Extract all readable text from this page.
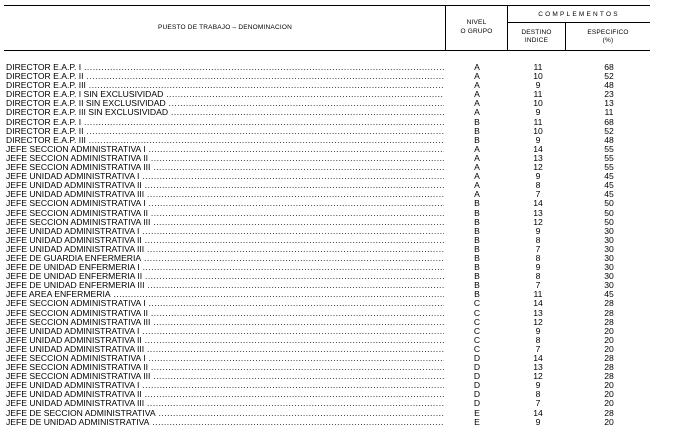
PUESTO DE TRABAJO – DENOMINACION
NIVEL
O GRUPO
COMPLEMENTOS
DESTINO
INDICE
ESPECIFICO
(%)
DIRECTOR E.A.P. I .....	A	11	68
DIRECTOR E.A.P. II .....	A	10	52
DIRECTOR E.A.P. III .....	A	9	48
DIRECTOR E.A.P. I SIN EXCLUSIVIDAD .....	A	11	23
DIRECTOR E.A.P. II SIN EXCLUSIVIDAD .....	A	10	13
DIRECTOR E.A.P. III SIN EXCLUSIVIDAD .....	A	9	11
DIRECTOR E.A.P. I .....	B	11	68
DIRECTOR E.A.P. II .....	B	10	52
DIRECTOR E.A.P. III .....	B	9	48
JEFE SECCION ADMINISTRATIVA I .....	A	14	55
JEFE SECCION ADMINISTRATIVA II .....	A	13	55
JEFE SECCION ADMINISTRATIVA III .....	A	12	55
JEFE UNIDAD ADMINISTRATIVA I .....	A	9	45
JEFE UNIDAD ADMINISTRATIVA II .....	A	8	45
JEFE UNIDAD ADMINISTRATIVA III .....	A	7	45
JEFE SECCION ADMINISTRATIVA I .....	B	14	50
JEFE SECCION ADMINISTRATIVA II .....	B	13	50
JEFE SECCION ADMINISTRATIVA III .....	B	12	50
JEFE UNIDAD ADMINISTRATIVA I .....	B	9	30
JEFE UNIDAD ADMINISTRATIVA II .....	B	8	30
JEFE UNIDAD ADMINISTRATIVA III .....	B	7	30
JEFE DE GUARDIA ENFERMERIA .....	B	8	30
JEFE DE UNIDAD ENFERMERIA I .....	B	9	30
JEFE DE UNIDAD ENFERMERIA II .....	B	8	30
JEFE DE UNIDAD ENFERMERIA III .....	B	7	30
JEFE AREA ENFERMERIA .....	B	11	45
JEFE SECCION ADMINISTRATIVA I .....	C	14	28
JEFE SECCION ADMINISTRATIVA II .....	C	13	28
JEFE SECCION ADMINISTRATIVA III .....	C	12	28
JEFE UNIDAD ADMINISTRATIVA I .....	C	9	20
JEFE UNIDAD ADMINISTRATIVA II .....	C	8	20
JEFE UNIDAD ADMINISTRATIVA III .....	C	7	20
JEFE SECCION ADMINISTRATIVA I .....	D	14	28
JEFE SECCION ADMINISTRATIVA II .....	D	13	28
JEFE SECCION ADMINISTRATIVA III .....	D	12	28
JEFE UNIDAD ADMINISTRATIVA I .....	D	9	20
JEFE UNIDAD ADMINISTRATIVA II .....	D	8	20
JEFE UNIDAD ADMINISTRATIVA III .....	D	7	20
JEFE DE SECCION ADMINISTRATIVA .....	E	14	28
JEFE DE UNIDAD ADMINISTRATIVA .....	E	9	20
